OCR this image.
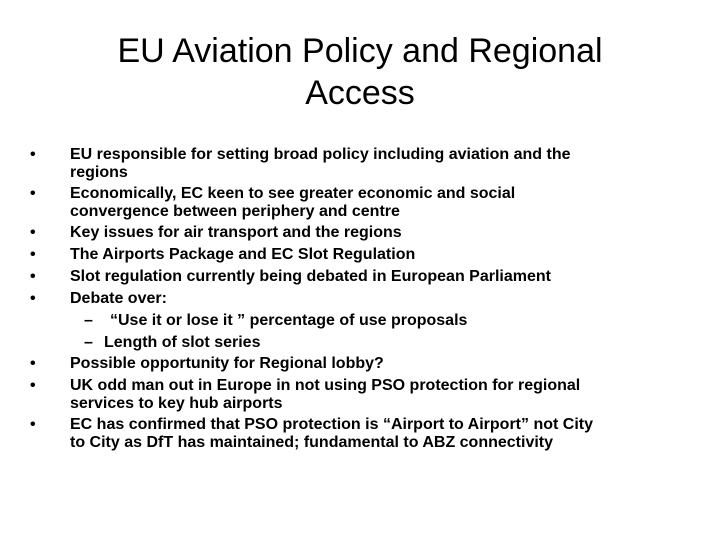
EU Aviation Policy and Regional
Access
• EU responsible for setting broad policy including aviation and the
regions
• Economically, EC keen to see greater economic and social
convergence between periphery and centre
• Key issues for air transport and the regions
• The Airports Package and EC Slot Regulation
• Slot regulation currently being debated in European Parliament
• Debate over:
– “Use it or lose it ” percentage of use proposals
– Length of slot series
• Possible opportunity for Regional lobby?
• UK odd man out in Europe in not using PSO protection for regional
services to key hub airports
• EC has confirmed that PSO protection is “Airport to Airport” not City
to City as DfT has maintained; fundamental to ABZ connectivity
